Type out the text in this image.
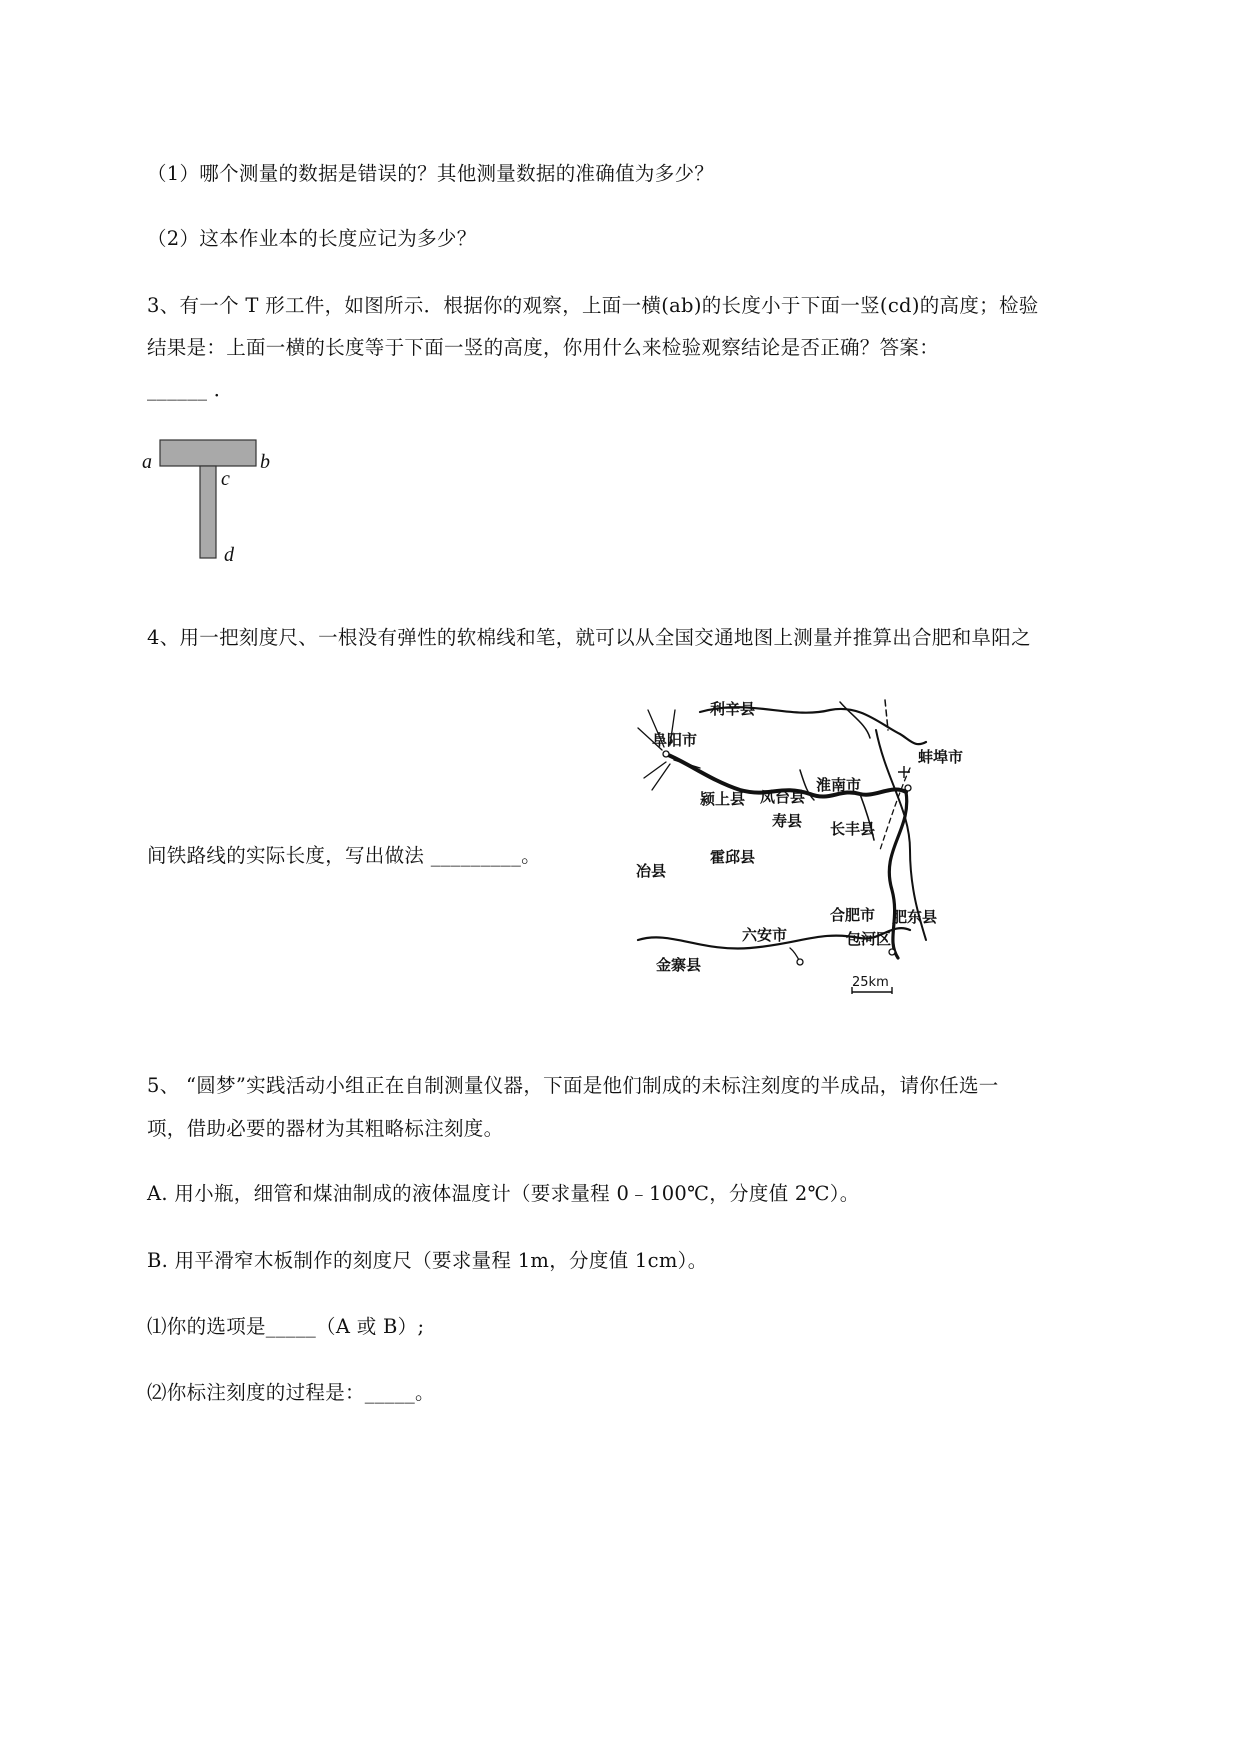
（1）哪个测量的数据是错误的？其他测量数据的准确值为多少？
（2）这本作业本的长度应记为多少？
3、有一个 T 形工件，如图所示．根据你的观察，上面一横(ab)的长度小于下面一竖(cd)的高度；检验
结果是：上面一横的长度等于下面一竖的高度，你用什么来检验观察结论是否正确？答案：
______ ．
a	b
c
d
4、用一把刻度尺、一根没有弹性的软棉线和笔，就可以从全国交通地图上测量并推算出合肥和阜阳之
间铁路线的实际长度，写出做法 _________。
利辛县
阜阳市
蚌埠市
颍上县 凤台县
淮南市
寿县 长丰县
霍邱县
冶县
合肥市 肥东县
六安市	包河区
金寨县
25km
5、 “圆梦”实践活动小组正在自制测量仪器，下面是他们制成的未标注刻度的半成品，请你任选一
项，借助必要的器材为其粗略标注刻度。
A. 用小瓶，细管和煤油制成的液体温度计（要求量程 0﹣100℃，分度值 2℃）。
B. 用平滑窄木板制作的刻度尺（要求量程 1m，分度值 1cm）。
⑴你的选项是_____（A 或 B）;
⑵你标注刻度的过程是：_____。
